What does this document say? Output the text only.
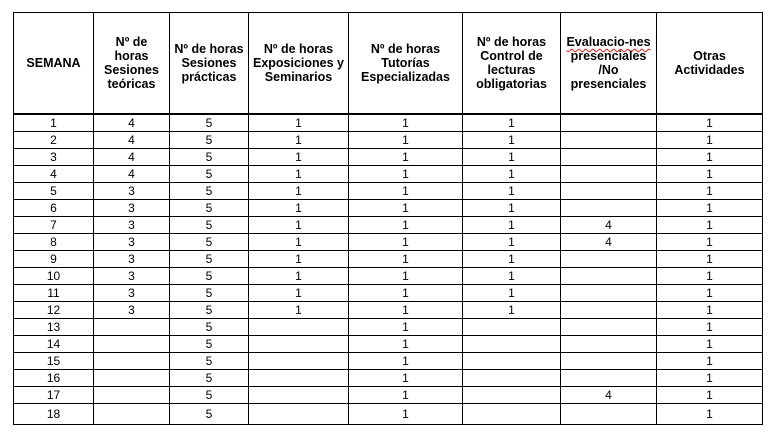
SEMANA	Nº de horas Sesiones teóricas	Nº de horas Sesiones prácticas	Nº de horas Exposiciones y Seminarios	Nº de horas Tutorías Especializadas	Nº de horas Control de lecturas obligatorias	Evaluacio-nes
presenciales /No presenciales	Otras Actividades

1	4	5	1	1	1		1
2	4	5	1	1	1		1
3	4	5	1	1	1		1
4	4	5	1	1	1		1
5	3	5	1	1	1		1
6	3	5	1	1	1		1
7	3	5	1	1	1	4	1
8	3	5	1	1	1	4	1
9	3	5	1	1	1		1
10	3	5	1	1	1		1
11	3	5	1	1	1		1
12	3	5	1	1	1		1
13		5		1			1
14		5		1			1
15		5		1			1
16		5		1			1
17		5		1		4	1
18		5		1			1
